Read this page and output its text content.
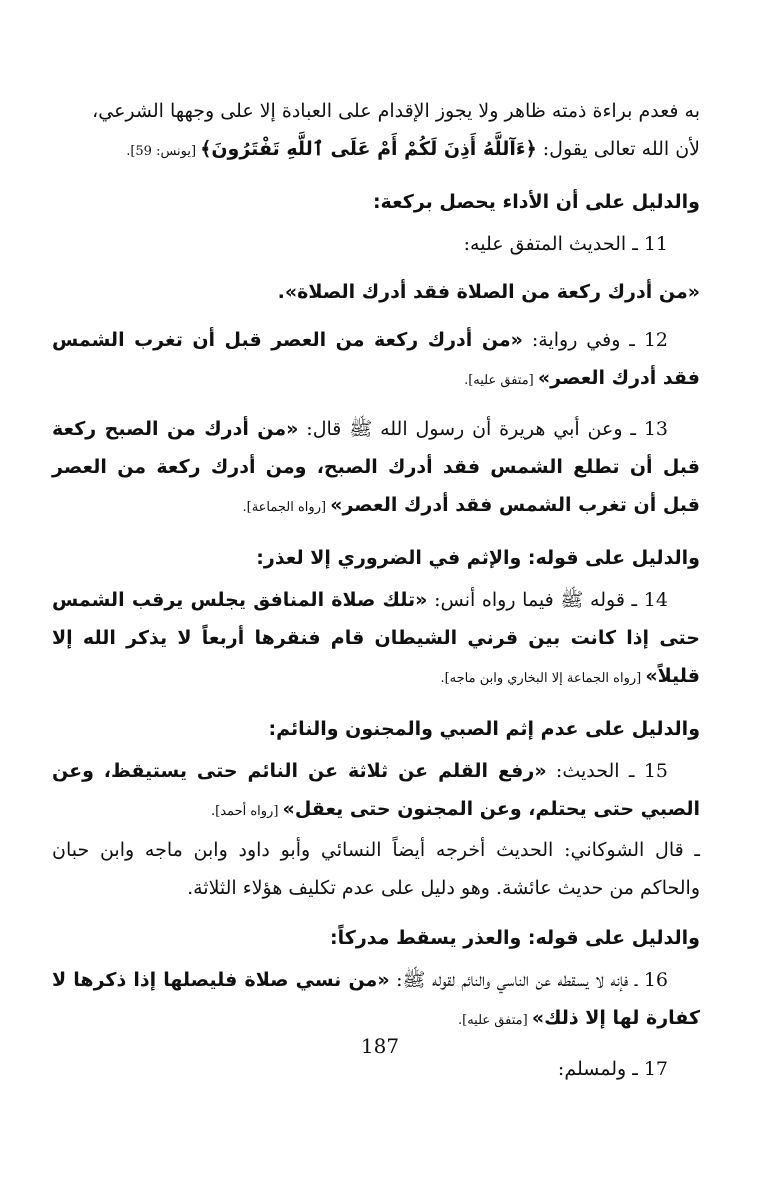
به فعدم براءة ذمته ظاهر ولا يجوز الإقدام على العبادة إلا على وجهها الشرعي،
لأن الله تعالى يقول: ﴿ءَآللَّهُ أَذِنَ لَكُمْ أَمْ عَلَى ٱللَّهِ تَفْتَرُونَ﴾ [يونس: 59].

والدليل على أن الأداء يحصل بركعة:

11 ـ الحديث المتفق عليه:

«من أدرك ركعة من الصلاة فقد أدرك الصلاة».

12 ـ وفي رواية: «من أدرك ركعة من العصر قبل أن تغرب الشمس فقد أدرك العصر» [متفق عليه].

13 ـ وعن أبي هريرة أن رسول الله ﷺ قال: «من أدرك من الصبح ركعة قبل أن تطلع الشمس فقد أدرك الصبح، ومن أدرك ركعة من العصر قبل أن تغرب الشمس فقد أدرك العصر» [رواه الجماعة].

والدليل على قوله: والإثم في الضروري إلا لعذر:

14 ـ قوله ﷺ فيما رواه أنس: «تلك صلاة المنافق يجلس يرقب الشمس حتى إذا كانت بين قرني الشيطان قام فنقرها أربعاً لا يذكر الله إلا قليلاً» [رواه الجماعة إلا البخاري وابن ماجه].

والدليل على عدم إثم الصبي والمجنون والنائم:

15 ـ الحديث: «رفع القلم عن ثلاثة عن النائم حتى يستيقظ، وعن الصبي حتى يحتلم، وعن المجنون حتى يعقل» [رواه أحمد].

ـ قال الشوكاني: الحديث أخرجه أيضاً النسائي وأبو داود وابن ماجه وابن حبان والحاكم من حديث عائشة. وهو دليل على عدم تكليف هؤلاء الثلاثة.

والدليل على قوله: والعذر يسقط مدركاً:

16 ـ فإنه لا يسقطه عن الناسي والنائم لقوله ﷺ: «من نسي صلاة فليصلها إذا ذكرها لا كفارة لها إلا ذلك» [متفق عليه].

17 ـ ولمسلم:

187
